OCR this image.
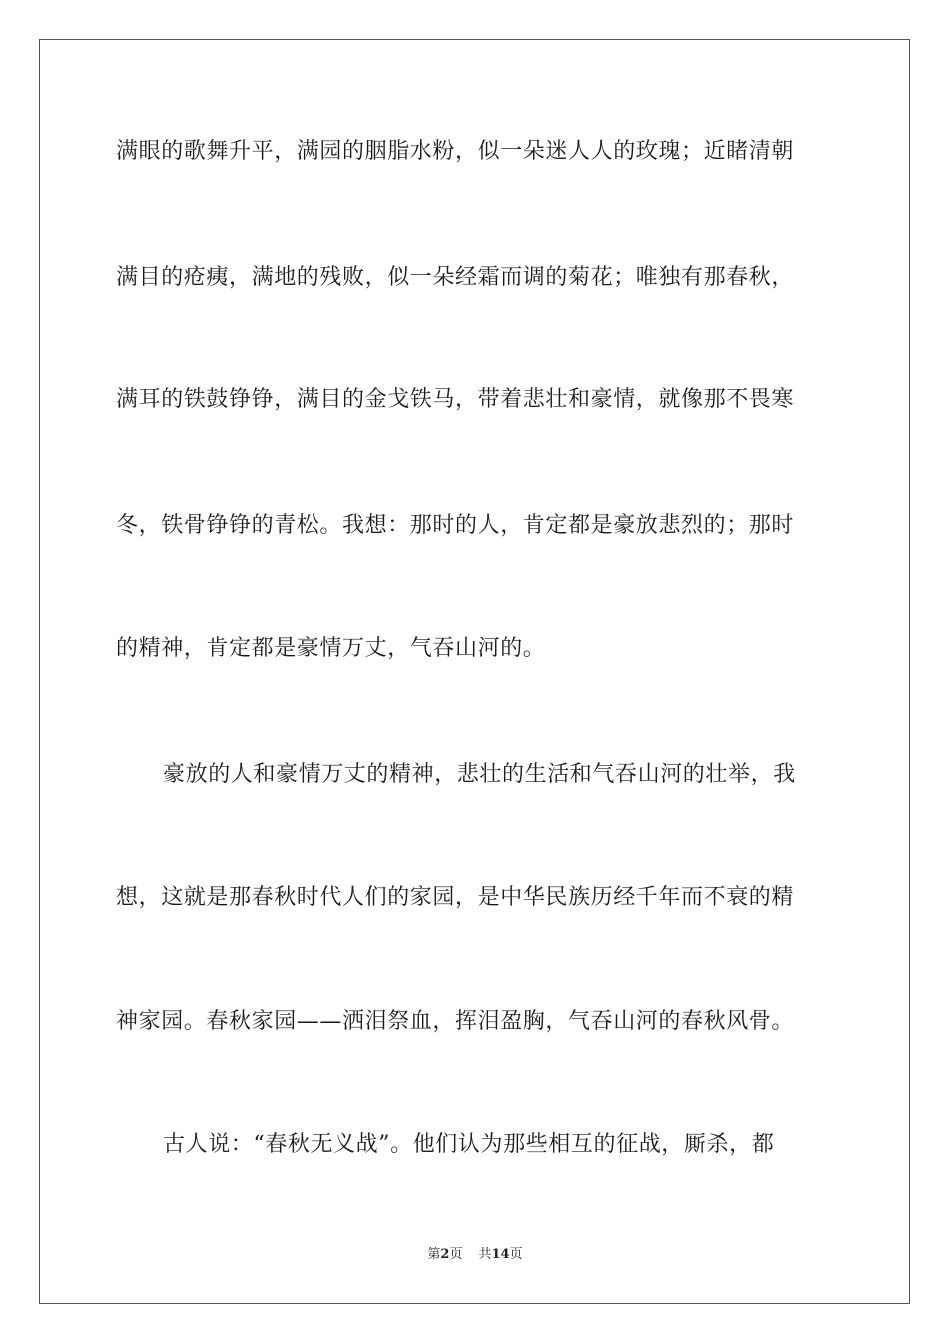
满眼的歌舞升平，满园的胭脂水粉，似一朵迷人人的玫瑰；近睹清朝
满目的疮痍，满地的残败，似一朵经霜而调的菊花；唯独有那春秋，
满耳的铁鼓铮铮，满目的金戈铁马，带着悲壮和豪情，就像那不畏寒
冬，铁骨铮铮的青松。我想：那时的人，肯定都是豪放悲烈的；那时
的精神，肯定都是豪情万丈，气吞山河的。
豪放的人和豪情万丈的精神，悲壮的生活和气吞山河的壮举，我
想，这就是那春秋时代人们的家园，是中华民族历经千年而不衰的精
神家园。春秋家园——洒泪祭血，挥泪盈胸，气吞山河的春秋风骨。
古人说：“春秋无义战”。他们认为那些相互的征战，厮杀，都
第2页 共14页
